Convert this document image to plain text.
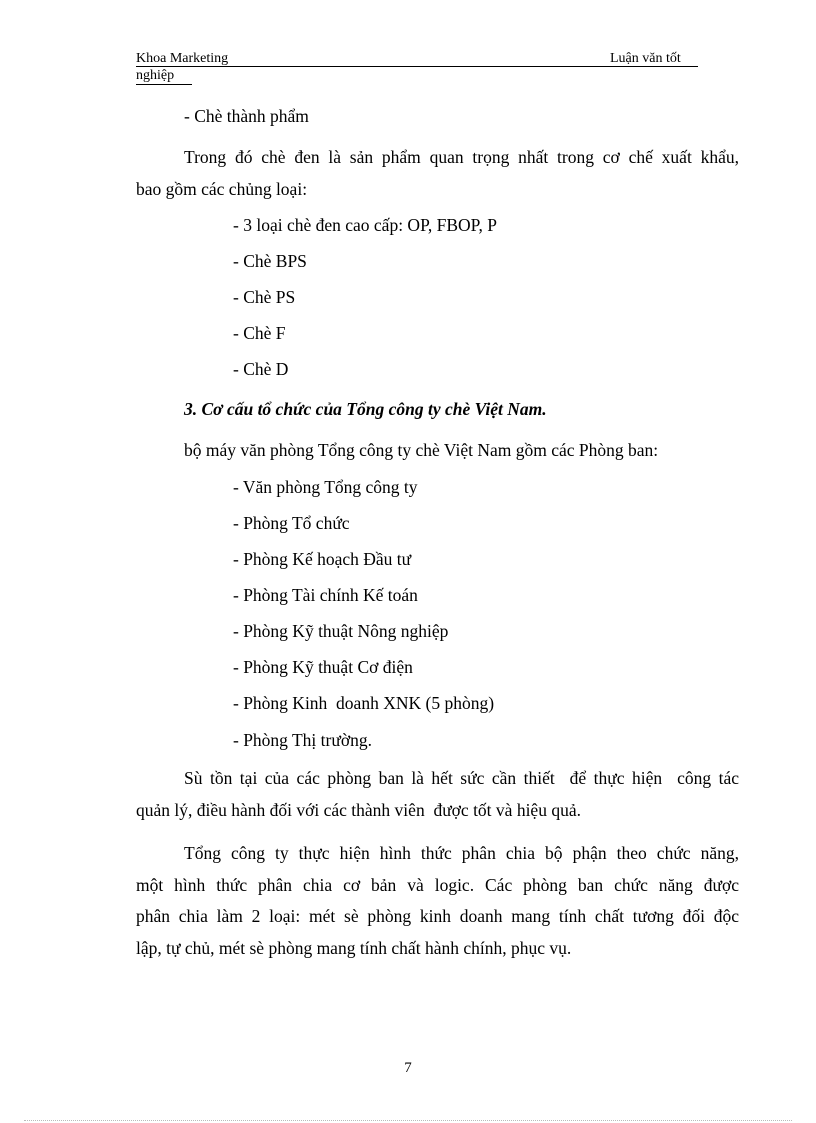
Khoa Marketing	Luận văn tốt
nghiệp
- Chè thành phẩm
Trong đó chè đen là sản phẩm quan trọng nhất trong cơ chế xuất khẩu,
bao gồm các chủng loại:
- 3 loại chè đen cao cấp: OP, FBOP, P
- Chè BPS
- Chè PS
- Chè F
- Chè D
3. Cơ cấu tổ chức của Tổng công ty chè Việt Nam.
bộ máy văn phòng Tổng công ty chè Việt Nam gồm các Phòng ban:
- Văn phòng Tổng công ty
- Phòng Tổ chức
- Phòng Kế hoạch Đầu tư
- Phòng Tài chính Kế toán
- Phòng Kỹ thuật Nông nghiệp
- Phòng Kỹ thuật Cơ điện
- Phòng Kinh  doanh XNK (5 phòng)
- Phòng Thị trường.
Sù tồn tại của các phòng ban là hết sức cần thiết  để thực hiện  công tác
quản lý, điều hành đối với các thành viên  được tốt và hiệu quả.
Tổng công ty thực hiện hình thức phân chia bộ phận theo chức năng,
một hình thức phân chia cơ bản và logic. Các phòng ban chức năng được
phân chia làm 2 loại: mét sè phòng kinh doanh mang tính chất tương đối độc
lập, tự chủ, mét sè phòng mang tính chất hành chính, phục vụ.
7
